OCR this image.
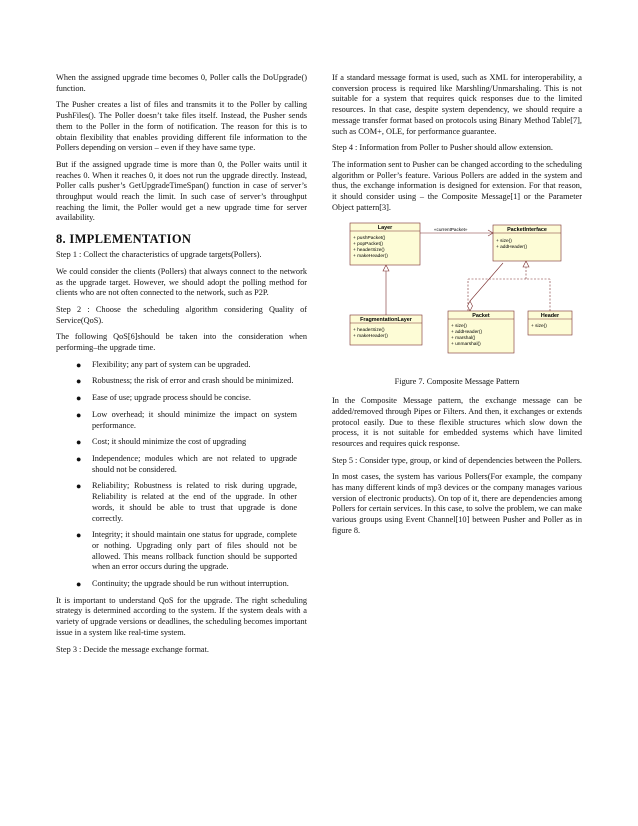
When the assigned upgrade time becomes 0, Poller calls the DoUpgrade() function.

The Pusher creates a list of files and transmits it to the Poller by calling PushFiles(). The Poller doesn’t take files itself. Instead, the Pusher sends them to the Poller in the form of notification. The reason for this is to obtain flexibility that enables providing different file information to the Pollers depending on version – even if they have same type.

But if the assigned upgrade time is more than 0, the Poller waits until it reaches 0. When it reaches 0, it does not run the upgrade directly. Instead, Poller calls pusher’s GetUpgradeTimeSpan() function in case of server’s throughput would reach the limit. In such case of server’s throughput reaching the limit, the Poller would get a new upgrade time for server availability.

8. IMPLEMENTATION

Step 1 : Collect the characteristics of upgrade targets(Pollers).

We could consider the clients (Pollers) that always connect to the network as the upgrade target. However, we should adopt the polling method for clients who are not often connected to the network, such as P2P.

Step 2 : Choose the scheduling algorithm considering Quality of Service(QoS).

The following QoS[6]should be taken into the consideration when performing–the upgrade time.

● Flexibility; any part of system can be upgraded.
● Robustness; the risk of error and crash should be minimized.
● Ease of use; upgrade process should be concise.
● Low overhead; it should minimize the impact on system performance.
● Cost; it should minimize the cost of upgrading
● Independence; modules which are not related to upgrade should not be considered.
● Reliability; Robustness is related to risk during upgrade, Reliability is related at the end of the upgrade. In other words, it should be able to trust that upgrade is done correctly.
● Integrity; it should maintain one status for upgrade, complete or nothing. Upgrading only part of files should not be allowed. This means rollback function should be supported when an error occurs during the upgrade.
● Continuity; the upgrade should be run without interruption.

It is important to understand QoS for the upgrade. The right scheduling strategy is determined according to the system. If the system deals with a variety of upgrade versions or deadlines, the scheduling becomes important issue in a system like real-time system.

Step 3 : Decide the message exchange format.

If a standard message format is used, such as XML for interoperability, a conversion process is required like Marshling/Unmarshaling. This is not suitable for a system that requires quick responses due to the limited resources. In that case, despite system dependency, we should require a message transfer format based on protocols using Binary Method Table[7], such as COM+, OLE, for performance guarantee.

Step 4 : Information from Poller to Pusher should allow extension.

The information sent to Pusher can be changed according to the scheduling algorithm or Poller’s feature. Various Pollers are added in the system and thus, the exchange information is designed for extension. For that reason, it should consider using – the Composite Message[1] or the Parameter Object pattern[3].

Layer
+ pushPacket()
+ popPacket()
+ headerSize()
+ makeHeader()
«currentPacket»	PacketInterface
+ size()
+ addHeader()
FragmentationLayer
+ headerSize()
+ makeHeader()
Packet
+ size()
+ addHeader()
+ marshal()
+ unmarshal()
Header
+ size()

Figure 7. Composite Message Pattern

In the Composite Message pattern, the exchange message can be added/removed through Pipes or Filters. And then, it exchanges or extends protocol easily. Due to these flexible structures which slow down the process, it is not suitable for embedded systems which have limited resources and requires quick response.

Step 5 : Consider type, group, or kind of dependencies between the Pollers.

In most cases, the system has various Pollers(For example, the company has many different kinds of mp3 devices or the company manages various version of electronic products). On top of it, there are dependencies among Pollers for certain services. In this case, to solve the problem, we can make various groups using Event Channel[10] between Pusher and Poller as in figure 8.
